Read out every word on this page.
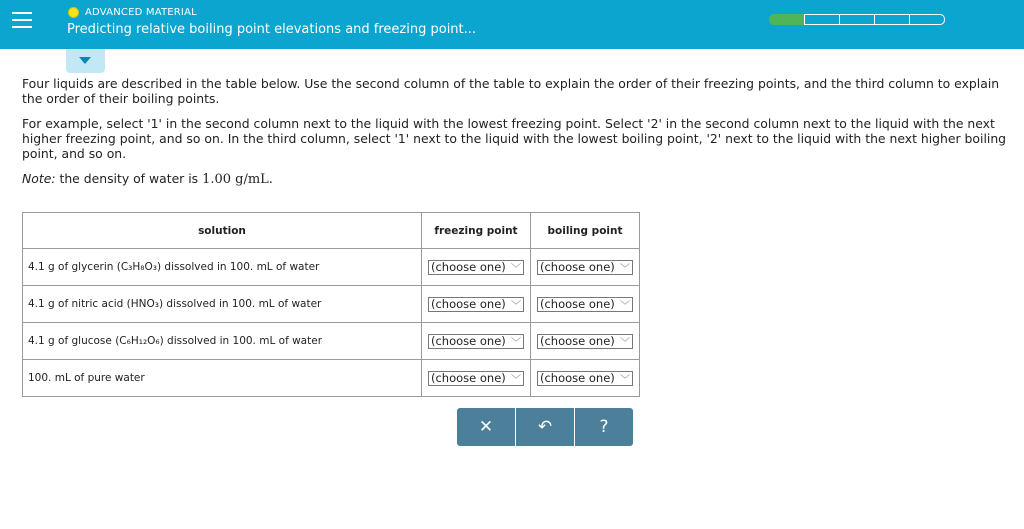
ADVANCED MATERIAL
Predicting relative boiling point elevations and freezing point...

Four liquids are described in the table below. Use the second column of the table to explain the order of their freezing points, and the third column to explain the order of their boiling points.

For example, select '1' in the second column next to the liquid with the lowest freezing point. Select '2' in the second column next to the liquid with the next higher freezing point, and so on. In the third column, select '1' next to the liquid with the lowest boiling point, '2' next to the liquid with the next higher boiling point, and so on.

Note: the density of water is 1.00 g/mL.

solution	freezing point	boiling point
4.1 g of glycerin (C₃H₈O₃) dissolved in 100. mL of water	(choose one) ﹀	(choose one) ﹀

4.1 g of nitric acid (HNO₃) dissolved in 100. mL of water	(choose one) ﹀	(choose one) ﹀

4.1 g of glucose (C₆H₁₂O₆) dissolved in 100. mL of water	(choose one) ﹀	(choose one) ﹀

100. mL of pure water	(choose one) ﹀	(choose one) ﹀
✕	↶	?
